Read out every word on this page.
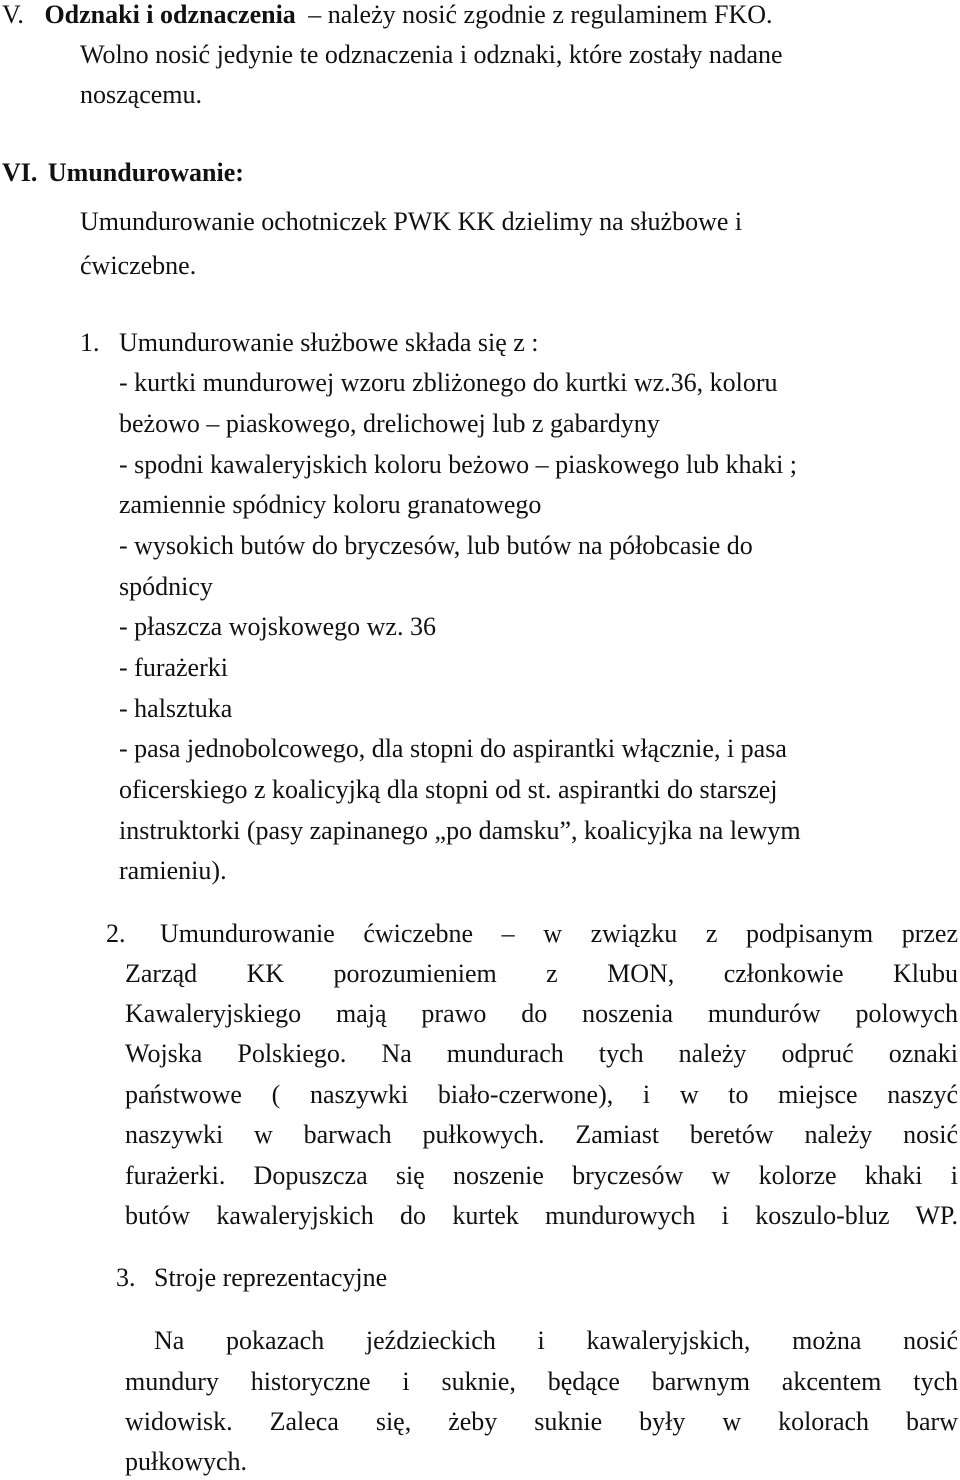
V. Odznaki i odznaczenia – należy nosić zgodnie z regulaminem FKO.
Wolno nosić jedynie te odznaczenia i odznaki, które zostały nadane
noszącemu.
VI. Umundurowanie:
Umundurowanie ochotniczek PWK KK dzielimy na służbowe i
ćwiczebne.
1. Umundurowanie służbowe składa się z :
- kurtki mundurowej wzoru zbliżonego do kurtki wz.36, koloru
beżowo – piaskowego, drelichowej lub z gabardyny
- spodni kawaleryjskich koloru beżowo – piaskowego lub khaki ;
zamiennie spódnicy koloru granatowego
- wysokich butów do bryczesów, lub butów na półobcasie do
spódnicy
- płaszcza wojskowego wz. 36
- furażerki
- halsztuka
- pasa jednobolcowego, dla stopni do aspirantki włącznie, i pasa
oficerskiego z koalicyjką dla stopni od st. aspirantki do starszej
instruktorki (pasy zapinanego „po damsku”, koalicyjka na lewym
ramieniu).
2. Umundurowanie ćwiczebne – w związku z podpisanym przez
Zarząd KK porozumieniem z MON, członkowie Klubu
Kawaleryjskiego mają prawo do noszenia mundurów polowych
Wojska Polskiego. Na mundurach tych należy odpruć oznaki
państwowe ( naszywki biało-czerwone), i w to miejsce naszyć
naszywki w barwach pułkowych. Zamiast beretów należy nosić
furażerki. Dopuszcza się noszenie bryczesów w kolorze khaki i
butów kawaleryjskich do kurtek mundurowych i koszulo-bluz WP.
3. Stroje reprezentacyjne
Na pokazach jeździeckich i kawaleryjskich, można nosić
mundury historyczne i suknie, będące barwnym akcentem tych
widowisk. Zaleca się, żeby suknie były w kolorach barw
pułkowych.
